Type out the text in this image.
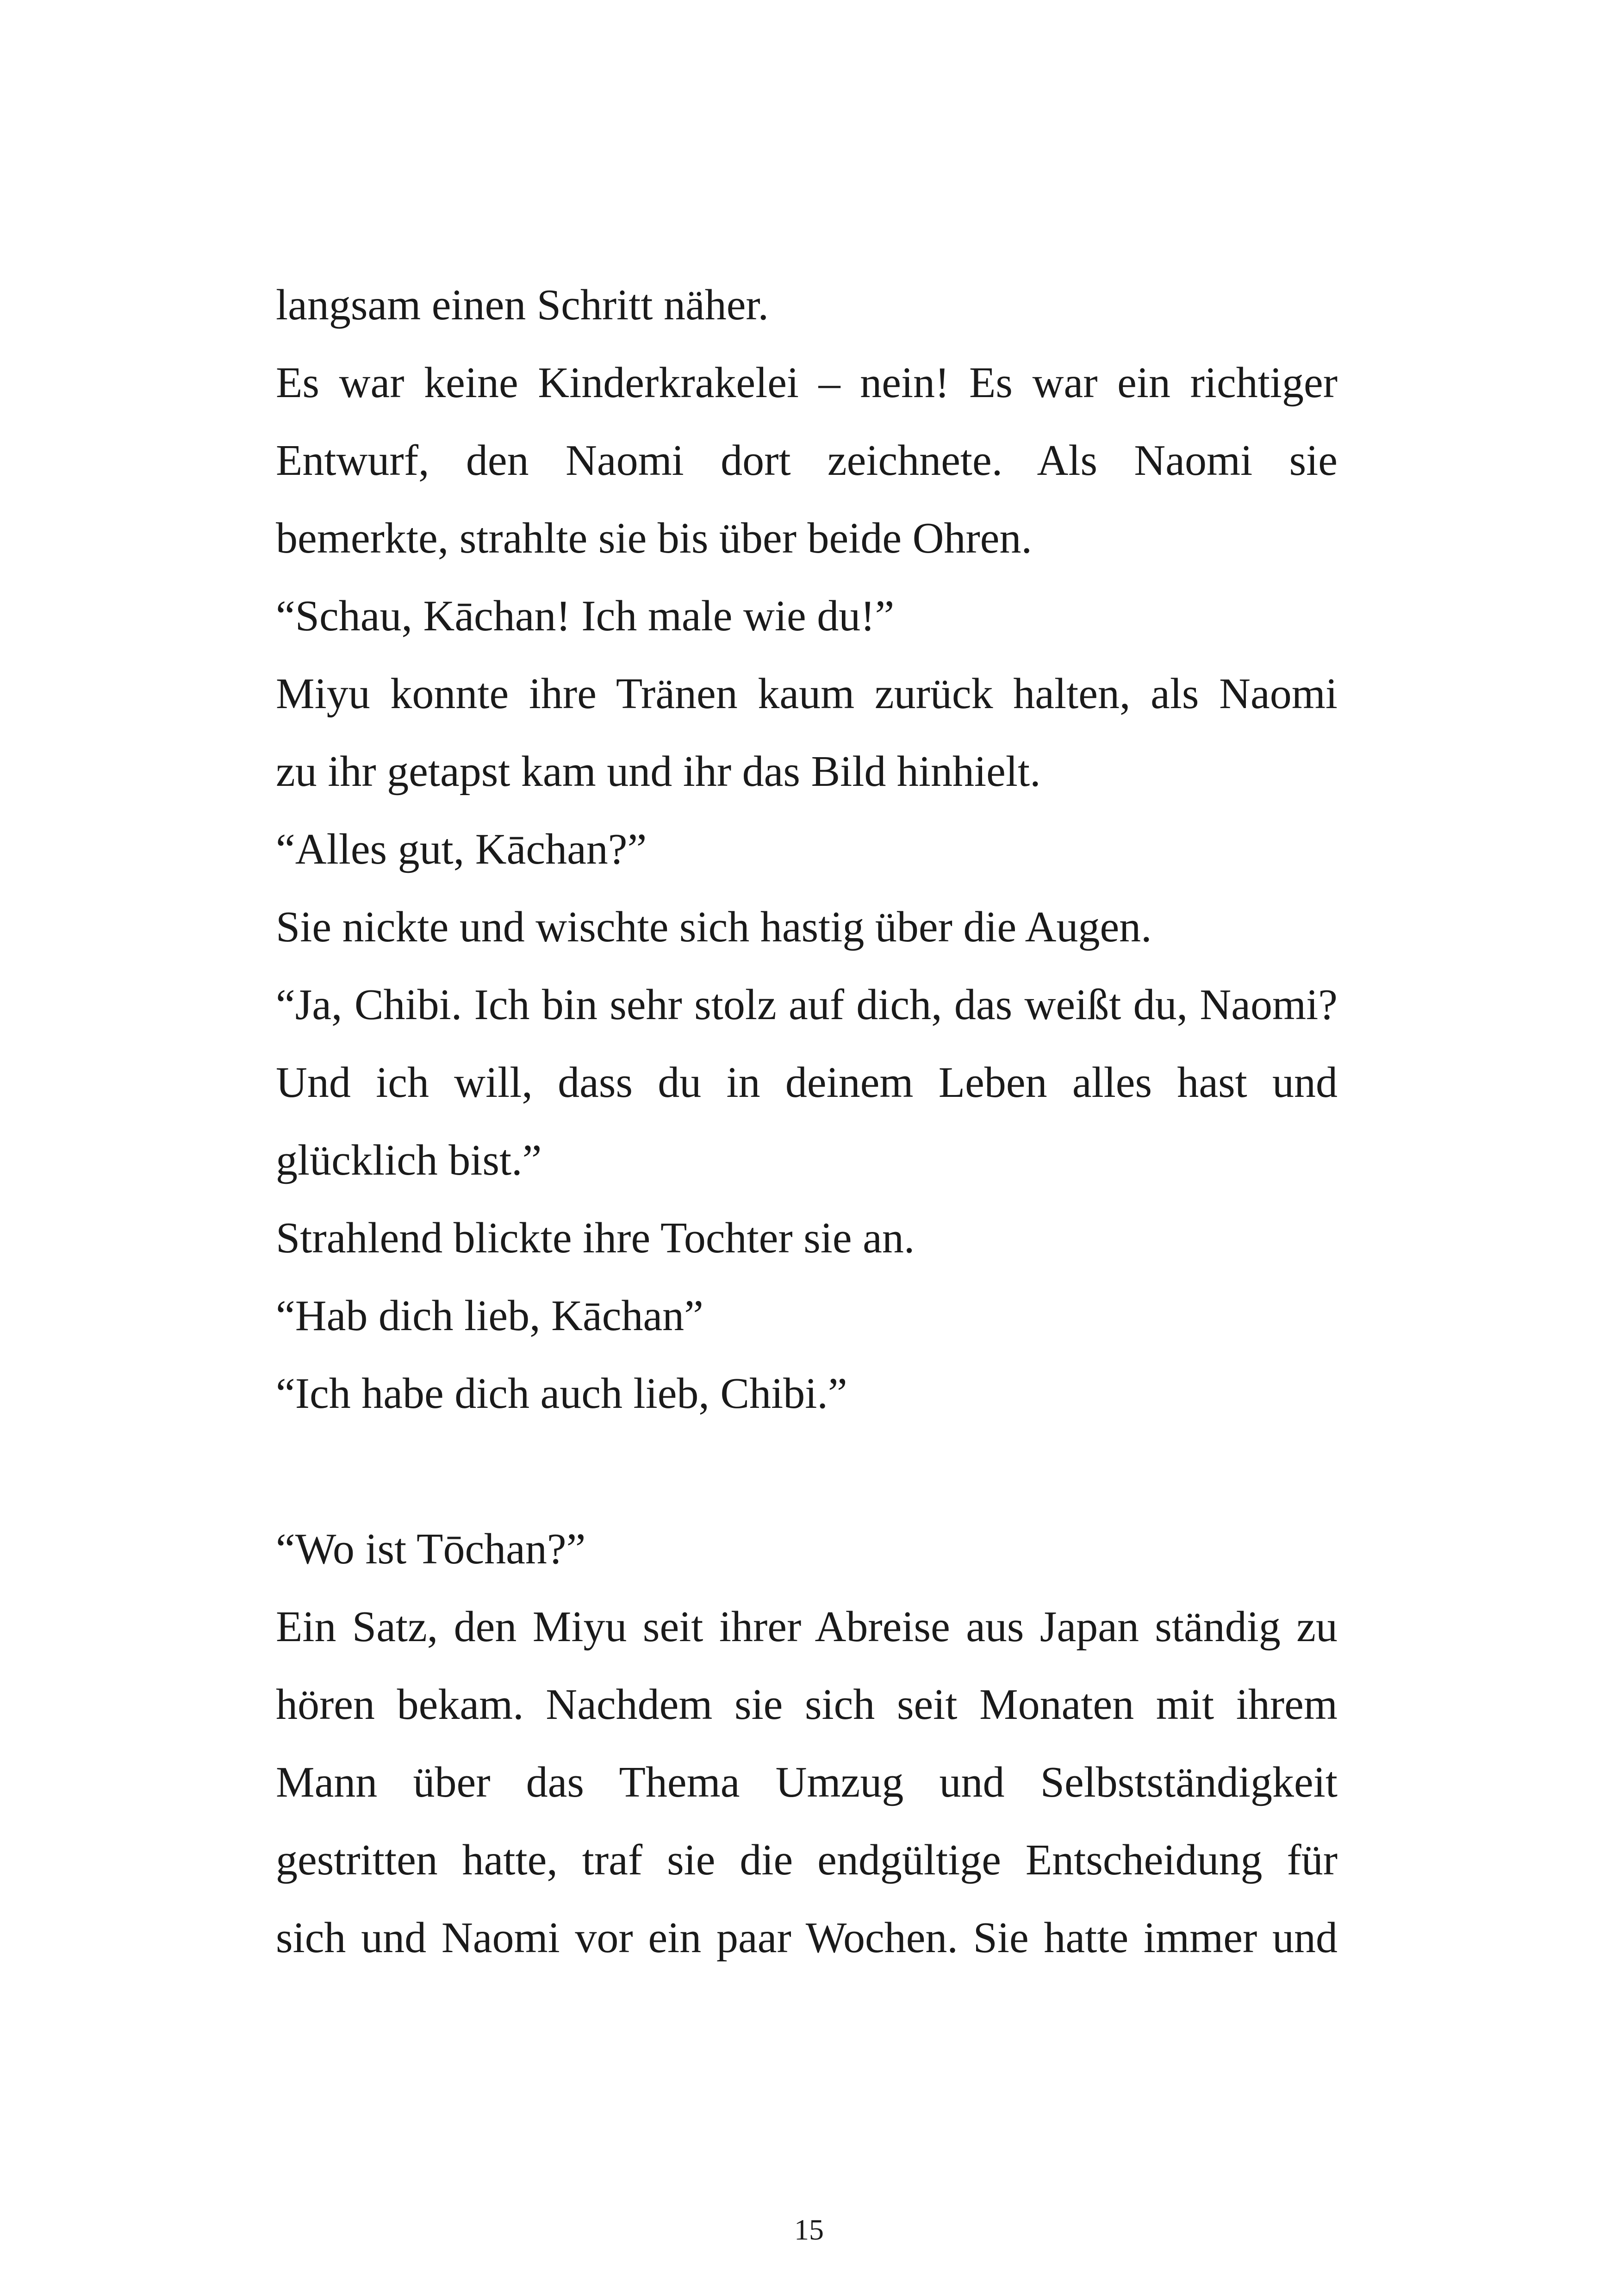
langsam einen Schritt näher.
Es war keine Kinderkrakelei – nein! Es war ein richtiger
Entwurf, den Naomi dort zeichnete. Als Naomi sie
bemerkte, strahlte sie bis über beide Ohren.
“Schau, Kāchan! Ich male wie du!”
Miyu konnte ihre Tränen kaum zurück halten, als Naomi
zu ihr getapst kam und ihr das Bild hinhielt.
“Alles gut, Kāchan?”
Sie nickte und wischte sich hastig über die Augen.
“Ja, Chibi. Ich bin sehr stolz auf dich, das weißt du, Naomi?
Und ich will, dass du in deinem Leben alles hast und
glücklich bist.”
Strahlend blickte ihre Tochter sie an.
“Hab dich lieb, Kāchan”
“Ich habe dich auch lieb, Chibi.”
“Wo ist Tōchan?”
Ein Satz, den Miyu seit ihrer Abreise aus Japan ständig zu
hören bekam. Nachdem sie sich seit Monaten mit ihrem
Mann über das Thema Umzug und Selbstständigkeit
gestritten hatte, traf sie die endgültige Entscheidung für
sich und Naomi vor ein paar Wochen. Sie hatte immer und
15
